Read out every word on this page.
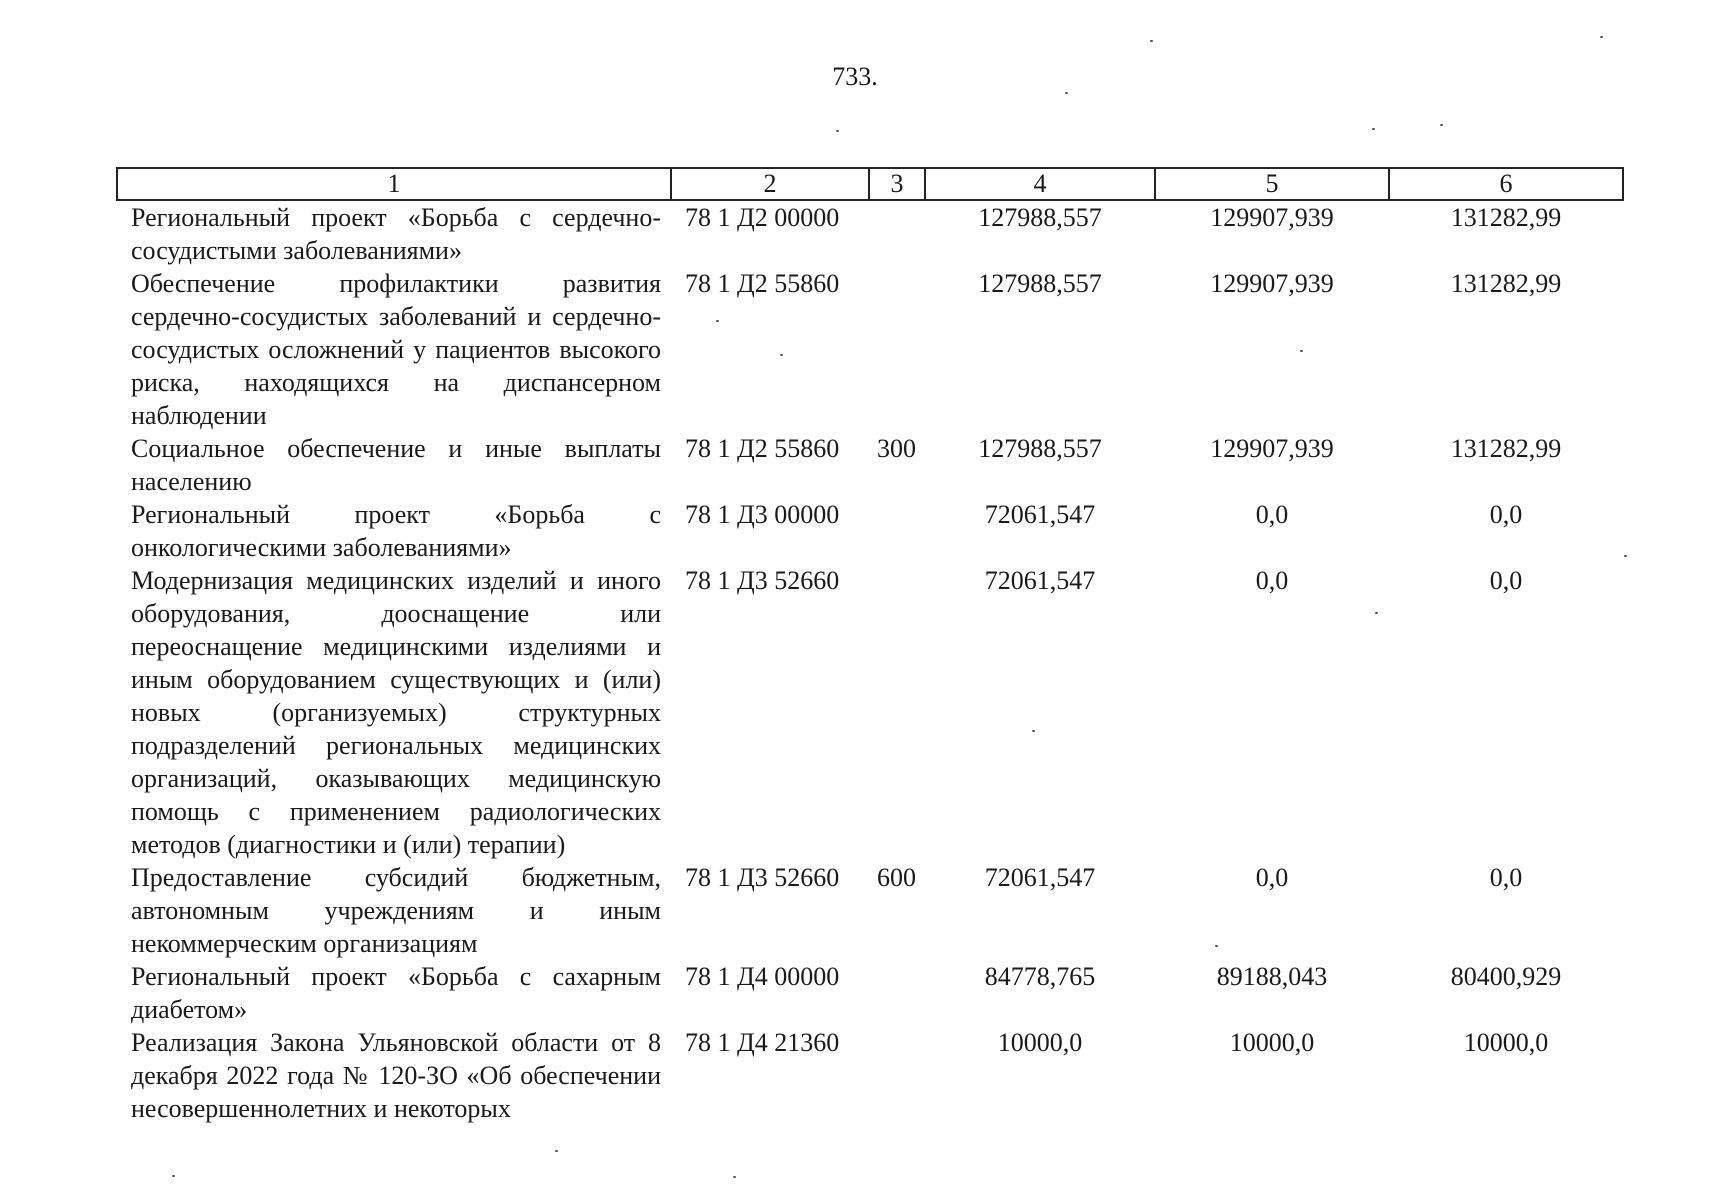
733.
1	2	3	4	5	6
Региональный проект «Борьба с сердечно-сосудистыми заболеваниями»	78 1 Д2 00000		127988,557	129907,939	131282,99
Обеспечение профилактики развития сердечно-сосудистых заболеваний и сердечно-сосудистых осложнений у пациентов высокого риска, находящихся на диспансерном наблюдении	78 1 Д2 55860		127988,557	129907,939	131282,99
Социальное обеспечение и иные выплаты населению	78 1 Д2 55860	300	127988,557	129907,939	131282,99
Региональный проект «Борьба с онкологическими заболеваниями»	78 1 Д3 00000		72061,547	0,0	0,0
Модернизация медицинских изделий и иного оборудования, дооснащение или переоснащение медицинскими изделиями и иным оборудованием существующих и (или) новых (организуемых) структурных подразделений региональных медицинских организаций, оказывающих медицинскую помощь с применением радиологических методов (диагностики и (или) терапии)	78 1 Д3 52660		72061,547	0,0	0,0
Предоставление субсидий бюджетным, автономным учреждениям и иным некоммерческим организациям	78 1 Д3 52660	600	72061,547	0,0	0,0
Региональный проект «Борьба с сахарным диабетом»	78 1 Д4 00000		84778,765	89188,043	80400,929
Реализация Закона Ульяновской области от 8 декабря 2022 года № 120-ЗО «Об обеспечении несовершеннолетних и некоторых	78 1 Д4 21360		10000,0	10000,0	10000,0
